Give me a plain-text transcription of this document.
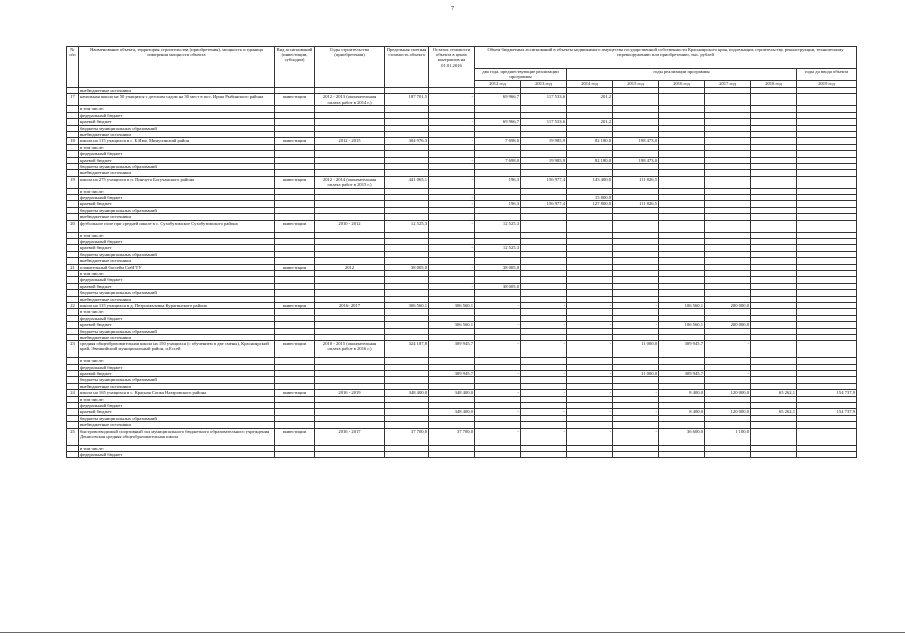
7
№ п/п	Наименование объекта, территория строительства (приобретения), мощность и единица измерения мощности объекта	Вид ассигнований (инвестиции, субсидии)	Годы строительства (приобретения)	Предельная сметная стоимость объекта	Остаток стоимости объекта в ценах контрактов на 01.01.2016	Объем бюджетных ассигнований в объекты недвижимого имущества государственной собственности Красноярского края, подлежащих строительству, реконструкции, техническому перевооружению или приобретению, тыс. рублей							
						два года, предшествующие реализации программы		годы реализации программы					годы до ввода объекта
						2012 год	2013 год	2014 год	2015 год	2016 год	2017 год	2018 год	2019 год
	внебюджетные источники												
17	начальная школа на 50 учащихся с детским садом на 30 мест в пос. Ирша Рыбинского района	инвестиции	2012 - 2013 (окончательная оплата работ в 2014 г.)	187 701,5	-	69 966,7	117 533,6	201,2					
	в том числе:												
	федеральный бюджет												
	краевой бюджет				-	69 966,7	117 533,6	201,2					
	бюджеты муниципальных образований												
	внебюджетные источники												
18	школа на 115 учащихся в с. Б.Имя, Минусинский район	инвестиции	2012 - 2015	304 976,3	-	7 698,0	19 985,9	82 180,0	198 473,0				
	в том числе:												
	федеральный бюджет												
	краевой бюджет				-	7 698,0	19 985,9	82 180,0	198 473,0				
	бюджеты муниципальных образований												
	внебюджетные источники												
19	школа на 275 учащихся в п. Пинчуга Богучанского района	инвестиции	2012 - 2014 (окончательная оплата работ в 2015 г.)	441 065,1	-	196,3	156 977,4	143 400,0	111 826,5				
	в том числе:												
	федеральный бюджет				-			15 800,0					
	краевой бюджет				-	196,3	156 977,4	127 800,0	111 826,5				
	бюджеты муниципальных образований												
	внебюджетные источники												
20	футбольное поле при средней школе в с. Сухобузимское Сухобузимского района	инвестиции	2010 - 2012	12 525,3	-	12 525,3							
	в том числе:												
	федеральный бюджет												
	краевой бюджет				-	12 525,3							
	бюджеты муниципальных образований												
	внебюджетные источники												
21	плавательный бассейн СибГТУ	инвестиции	2012	38 005,0	-	38 005,0							
	в том числе:												
	федеральный бюджет												
	краевой бюджет				-	38 005,0							
	бюджеты муниципальных образований												
	внебюджетные источники												
22	школа на 115 учащихся в д. Петропавловка Курагинского района	инвестиции	2016- 2017	306 560,1	306 560,1	-	-	-	-	106 560,1	200 000,0		
	в том числе:												
	федеральный бюджет												
	краевой бюджет				306 560,1	-	-	-	-	106 560,1	200 000,0		
	бюджеты муниципальных образований												
	внебюджетные источники												
23	средняя общеобразовательная школа на 150 учащихся (с обучением в две смены), Красноярский край, Эвенкийский муниципальный район, п.Ессей	инвестиции	2010 - 2015 (окончательная оплата работ в 2016 г.)	324 187,8	309 945,7	-	-	-	11 000,0	309 945,7	-		
	в том числе:												
	федеральный бюджет												
	краевой бюджет				309 945,7	-	-	-	11 000,0	309 945,7	-		
	бюджеты муниципальных образований												
	внебюджетные источники												
24	школа на 165 учащихся в с. Красная Сопка Назаровского района	инвестиции	2016 - 2019	348 400,0	348 400,0	-	-	-	-	8 400,0	120 000,0	65 262,1	154 737,9
	в том числе:												
	федеральный бюджет												
	краевой бюджет				348 400,0	-	-	-	-	8 400,0	120 000,0	65 262,1	154 737,9
	бюджеты муниципальных образований												
	внебюджетные источники												
25	быстровозводимый спортивный зал муниципального бюджетного образовательного учреждения Денисовская средняя общеобразовательная школа	инвестиции	2016 - 2017	37 700,0	37 700,0	-	-	-	-	36 600,0	1 100,0		
	в том числе:												
	федеральный бюджет												
